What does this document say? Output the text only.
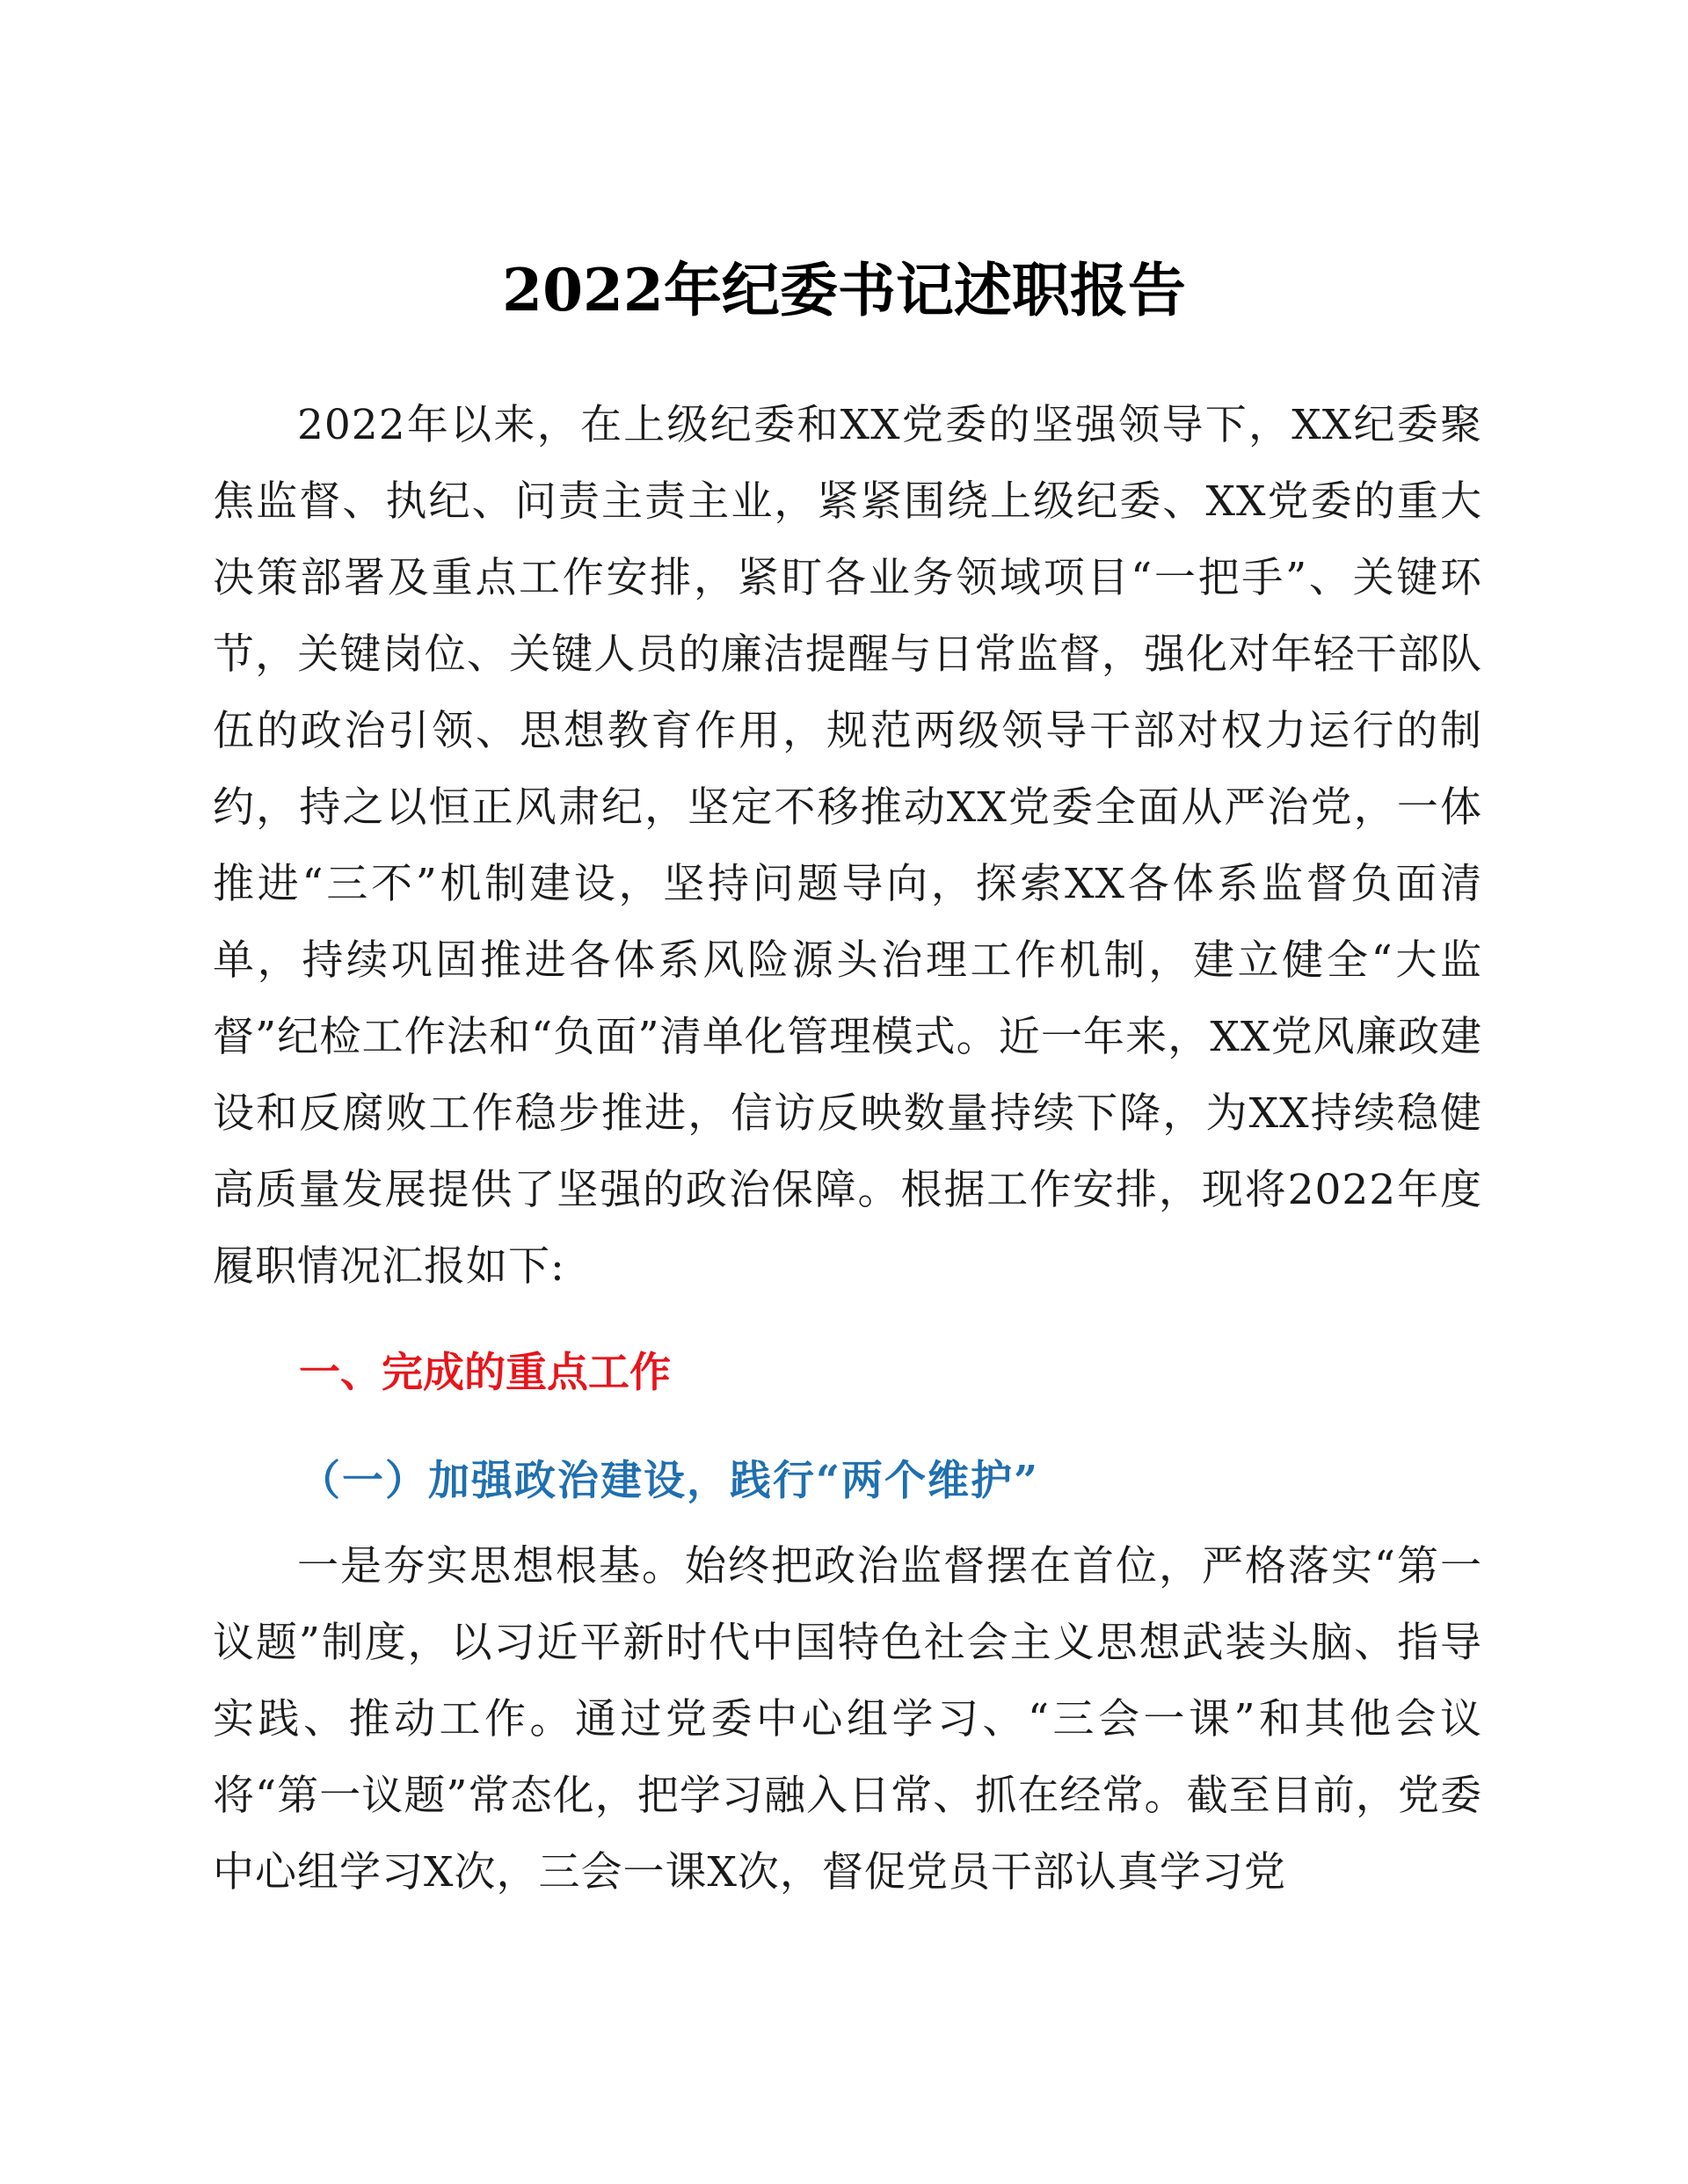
2022年纪委书记述职报告

2022年以来，在上级纪委和XX党委的坚强领导下，XX纪委聚焦监督、执纪、问责主责主业，紧紧围绕上级纪委、XX党委的重大决策部署及重点工作安排，紧盯各业务领域项目“一把手”、关键环节，关键岗位、关键人员的廉洁提醒与日常监督，强化对年轻干部队伍的政治引领、思想教育作用，规范两级领导干部对权力运行的制约，持之以恒正风肃纪，坚定不移推动XX党委全面从严治党，一体推进“三不”机制建设，坚持问题导向，探索XX各体系监督负面清单，持续巩固推进各体系风险源头治理工作机制，建立健全“大监督”纪检工作法和“负面”清单化管理模式。近一年来，XX党风廉政建设和反腐败工作稳步推进，信访反映数量持续下降，为XX持续稳健高质量发展提供了坚强的政治保障。根据工作安排，现将2022年度履职情况汇报如下:

一、完成的重点工作
（一）加强政治建设，践行“两个维护”

一是夯实思想根基。始终把政治监督摆在首位，严格落实“第一议题”制度，以习近平新时代中国特色社会主义思想武装头脑、指导实践、推动工作。通过党委中心组学习、“三会一课”和其他会议将“第一议题”常态化，把学习融入日常、抓在经常。截至目前，党委中心组学习X次，三会一课X次，督促党员干部认真学习党
